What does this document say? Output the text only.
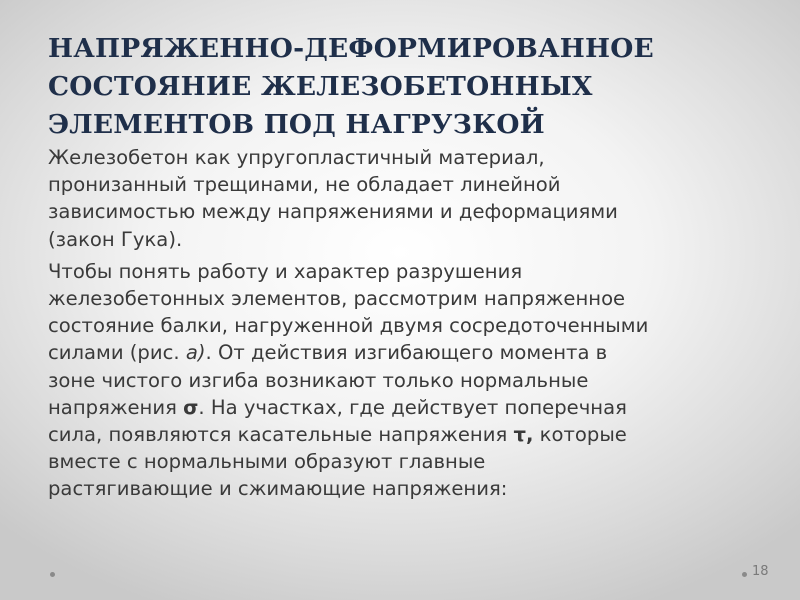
НАПРЯЖЕННО-ДЕФОРМИРОВАННОЕ
СОСТОЯНИЕ ЖЕЛЕЗОБЕТОННЫХ
ЭЛЕМЕНТОВ ПОД НАГРУЗКОЙ

Железобетон как упругопластичный материал,
пронизанный трещинами, не обладает линейной
зависимостью между напряжениями и деформациями
(закон Гука).

Чтобы понять работу и характер разрушения
железобетонных элементов, рассмотрим напряженное
состояние балки, нагруженной двумя сосредоточенными
силами (рис. а). От действия изгибающего момента в
зоне чистого изгиба возникают только нормальные
напряжения σ. На участках, где действует поперечная
сила, появляются касательные напряжения τ, которые
вместе с нормальными образуют главные
растягивающие и сжимающие напряжения:

18
